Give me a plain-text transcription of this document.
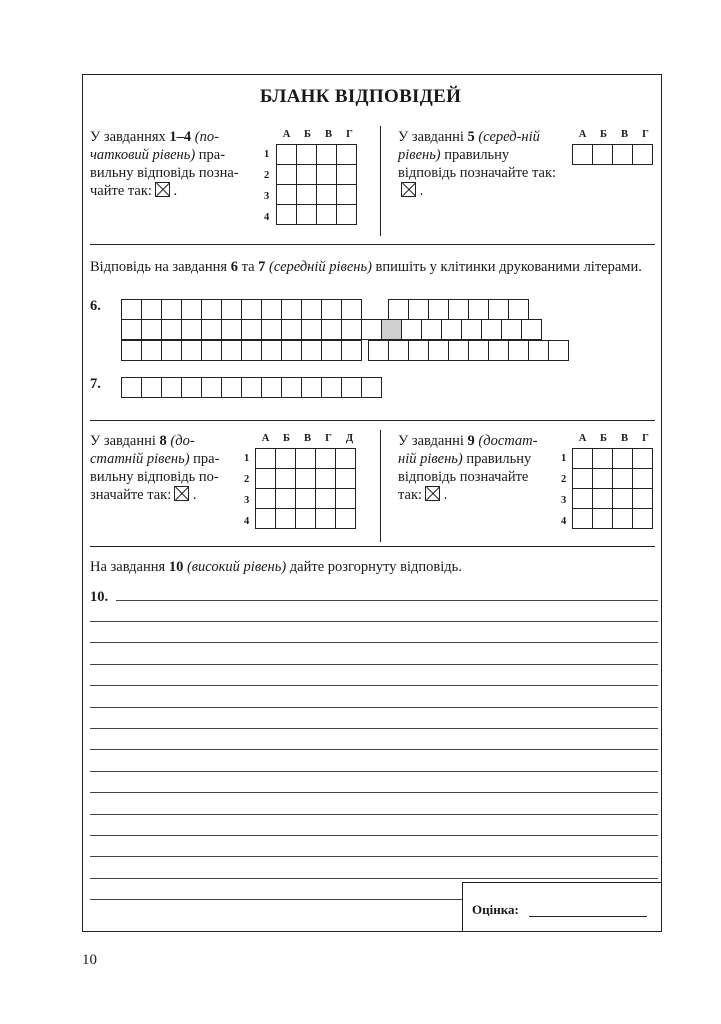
БЛАНК ВІДПОВІДЕЙ
У завданнях 1–4 (по-чатковий рівень) пра-вильну відповідь позна-чайте так: .
А	Б	В	Г
1
2
3
4

У завданні 5 (серед-ній рівень) правильну відповідь позначайте так: .
А	Б	В	Г

Відповідь на завдання 6 та 7 (середній рівень) впишіть у клітинки друкованими літерами.
6.

7.

У завданні 8 (до-статній рівень) пра-вильну відповідь по-значайте так: .
А	Б	В	Г	Д
1
2
3
4

У завданні 9 (достат-ній рівень) правильну відповідь позначайте так: .
А	Б	В	Г
1
2
3
4

На завдання 10 (високий рівень) дайте розгорнуту відповідь.
10.
Оцінка:
10
